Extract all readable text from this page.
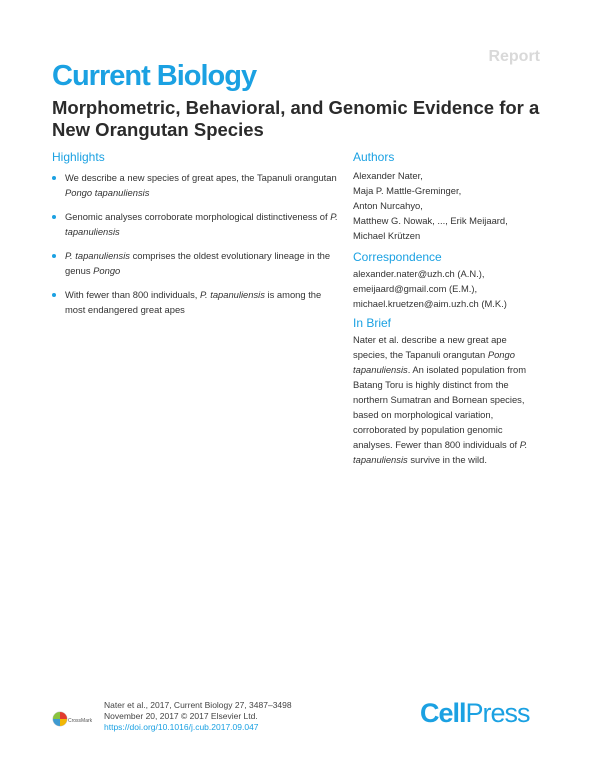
Report
Current Biology
Morphometric, Behavioral, and Genomic Evidence for a New Orangutan Species
Highlights
We describe a new species of great apes, the Tapanuli orangutan Pongo tapanuliensis
Genomic analyses corroborate morphological distinctiveness of P. tapanuliensis
P. tapanuliensis comprises the oldest evolutionary lineage in the genus Pongo
With fewer than 800 individuals, P. tapanuliensis is among the most endangered great apes
Authors
Alexander Nater,
Maja P. Mattle-Greminger,
Anton Nurcahyo,
Matthew G. Nowak, ..., Erik Meijaard,
Michael Krützen
Correspondence
alexander.nater@uzh.ch (A.N.),
emeijaard@gmail.com (E.M.),
michael.kruetzen@aim.uzh.ch (M.K.)
In Brief
Nater et al. describe a new great ape species, the Tapanuli orangutan Pongo tapanuliensis. An isolated population from Batang Toru is highly distinct from the northern Sumatran and Bornean species, based on morphological variation, corroborated by population genomic analyses. Fewer than 800 individuals of P. tapanuliensis survive in the wild.
CrossMark
Nater et al., 2017, Current Biology 27, 3487–3498
November 20, 2017 © 2017 Elsevier Ltd.
https://doi.org/10.1016/j.cub.2017.09.047	CellPress
